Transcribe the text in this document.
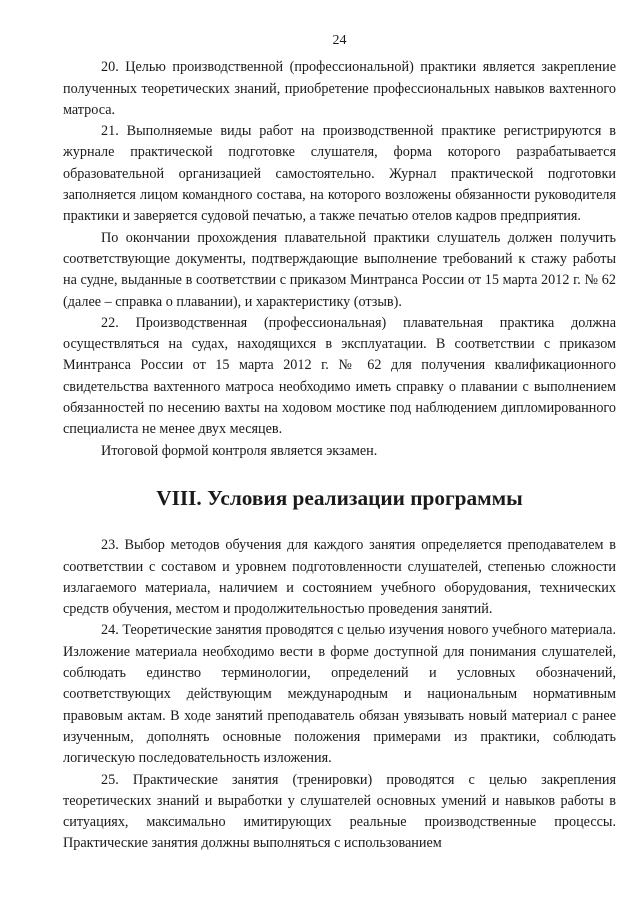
24

20. Целью производственной (профессиональной) практики является закрепление полученных теоретических знаний, приобретение профессиональных навыков вахтенного матроса.

21. Выполняемые виды работ на производственной практике регистрируются в журнале практической подготовке слушателя, форма которого разрабатывается образовательной организацией самостоятельно. Журнал практической подготовки заполняется лицом командного состава, на которого возложены обязанности руководителя практики и заверяется судовой печатью, а также печатью отелов кадров предприятия.

По окончании прохождения плавательной практики слушатель должен получить соответствующие документы, подтверждающие выполнение требований к стажу работы на судне, выданные в соответствии с приказом Минтранса России от 15 марта 2012 г. № 62 (далее – справка о плавании), и характеристику (отзыв).

22. Производственная (профессиональная) плавательная практика должна осуществляться на судах, находящихся в эксплуатации. В соответствии с приказом Минтранса России от 15 марта 2012 г. № 62 для получения квалификационного свидетельства вахтенного матроса необходимо иметь справку о плавании с выполнением обязанностей по несению вахты на ходовом мостике под наблюдением дипломированного специалиста не менее двух месяцев.

Итоговой формой контроля является экзамен.

VIII. Условия реализации программы

23. Выбор методов обучения для каждого занятия определяется преподавателем в соответствии с составом и уровнем подготовленности слушателей, степенью сложности излагаемого материала, наличием и состоянием учебного оборудования, технических средств обучения, местом и продолжительностью проведения занятий.

24. Теоретические занятия проводятся с целью изучения нового учебного материала. Изложение материала необходимо вести в форме доступной для понимания слушателей, соблюдать единство терминологии, определений и условных обозначений, соответствующих действующим международным и национальным нормативным правовым актам. В ходе занятий преподаватель обязан увязывать новый материал с ранее изученным, дополнять основные положения примерами из практики, соблюдать логическую последовательность изложения.

25. Практические занятия (тренировки) проводятся с целью закрепления теоретических знаний и выработки у слушателей основных умений и навыков работы в ситуациях, максимально имитирующих реальные производственные процессы. Практические занятия должны выполняться с использованием
